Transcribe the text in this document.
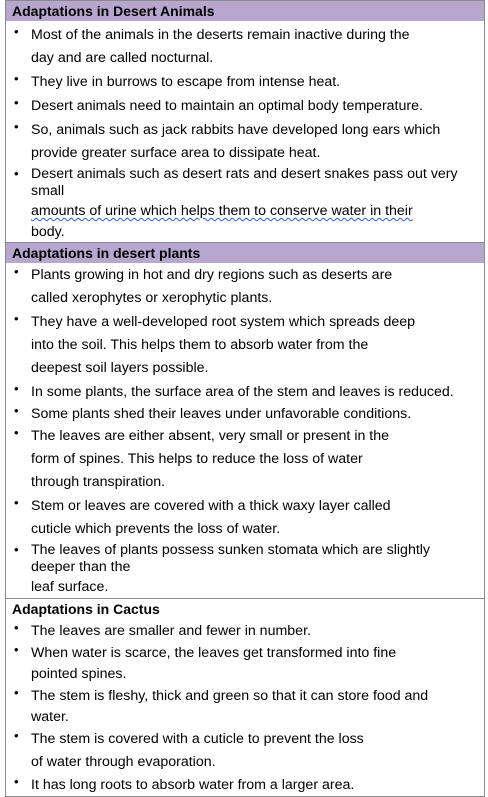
Adaptations in Desert Animals
• Most of the animals in the deserts remain inactive during the
day and are called nocturnal.
• They live in burrows to escape from intense heat.
• Desert animals need to maintain an optimal body temperature.
• So, animals such as jack rabbits have developed long ears which
provide greater surface area to dissipate heat.
• Desert animals such as desert rats and desert snakes pass out very
small
amounts of urine which helps them to conserve water in their
body.
Adaptations in desert plants
• Plants growing in hot and dry regions such as deserts are
called xerophytes or xerophytic plants.
• They have a well-developed root system which spreads deep
into the soil. This helps them to absorb water from the
deepest soil layers possible.
• In some plants, the surface area of the stem and leaves is reduced.
• Some plants shed their leaves under unfavorable conditions.
• The leaves are either absent, very small or present in the
form of spines. This helps to reduce the loss of water
through transpiration.
• Stem or leaves are covered with a thick waxy layer called
cuticle which prevents the loss of water.
• The leaves of plants possess sunken stomata which are slightly
deeper than the
leaf surface.
Adaptations in Cactus
• The leaves are smaller and fewer in number.
• When water is scarce, the leaves get transformed into fine
pointed spines.
• The stem is fleshy, thick and green so that it can store food and
water.
• The stem is covered with a cuticle to prevent the loss
of water through evaporation.
• It has long roots to absorb water from a larger area.
